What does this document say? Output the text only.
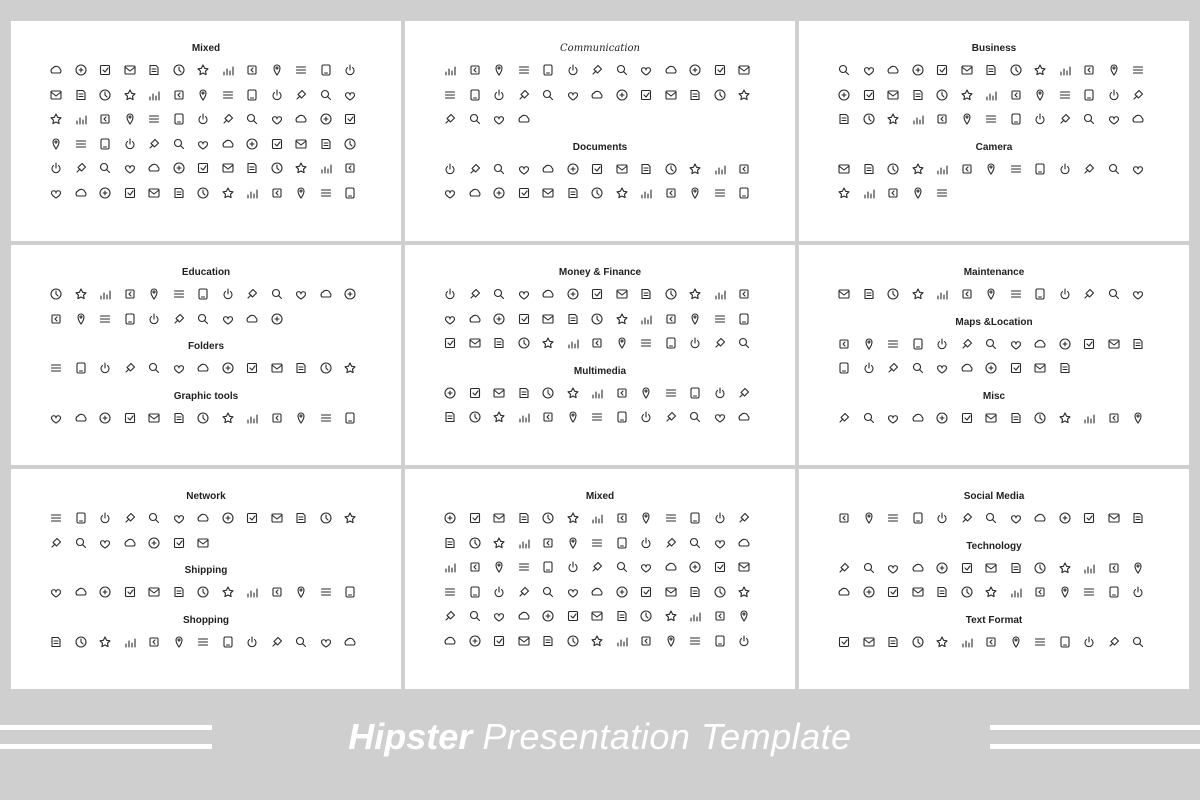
Mixed	Communication
Documents
Business
Camera
Education
Folders
Graphic tools
Money & Finance
Multimedia
Maintenance
Maps &Location
Misc
Network
Shipping
Shopping
Mixed	Social Media
Technology
Text Format
Hipster Presentation Template
